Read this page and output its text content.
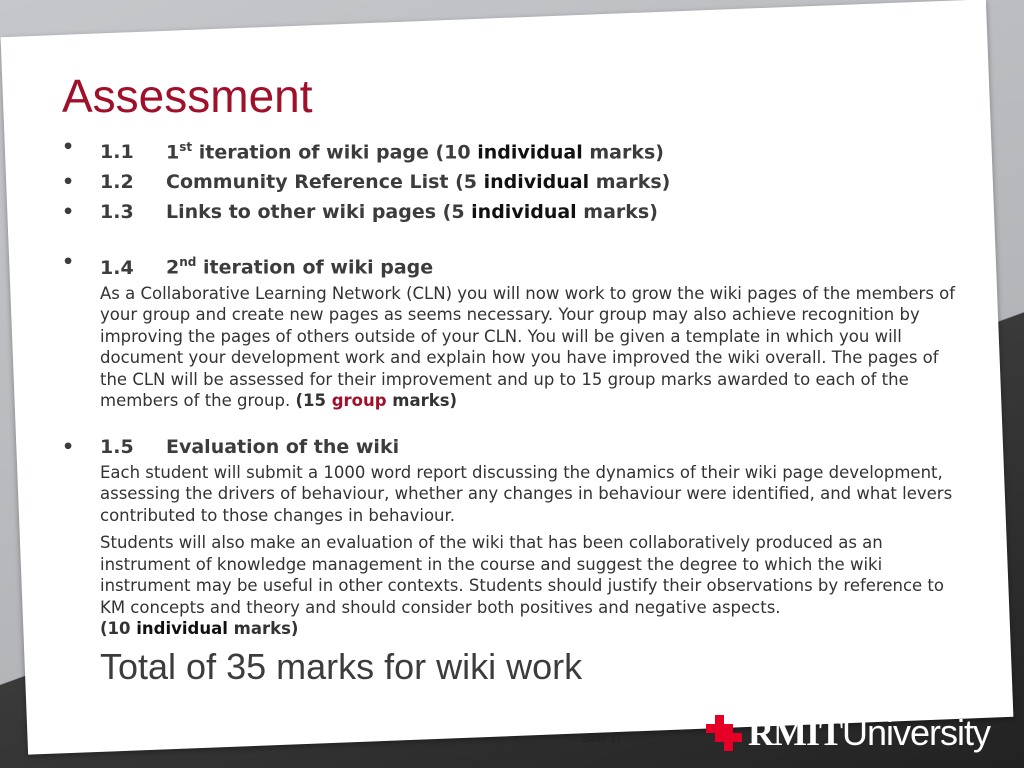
Assessment
•	1.1 1st iteration of wiki page (10 individual marks)
•	1.2 Community Reference List (5 individual marks)
•	1.3 Links to other wiki pages (5 individual marks)
•	1.4 2nd iteration of wiki page
As a Collaborative Learning Network (CLN) you will now work to grow the wiki pages of the members of your group and create new pages as seems necessary. Your group may also achieve recognition by improving the pages of others outside of your CLN. You will be given a template in which you will document your development work and explain how you have improved the wiki overall. The pages of the CLN will be assessed for their improvement and up to 15 group marks awarded to each of the members of the group. (15 group marks)
•	1.5 Evaluation of the wiki
Each student will submit a 1000 word report discussing the dynamics of their wiki page development, assessing the drivers of behaviour, whether any changes in behaviour were identified, and what levers contributed to those changes in behaviour.
Students will also make an evaluation of the wiki that has been collaboratively produced as an instrument of knowledge management in the course and suggest the degree to which the wiki instrument may be useful in other contexts. Students should justify their observations by reference to KM concepts and theory and should consider both positives and negative aspects.
(10 individual marks)
Total of 35 marks for wiki work
Slide 17	RMIT University
